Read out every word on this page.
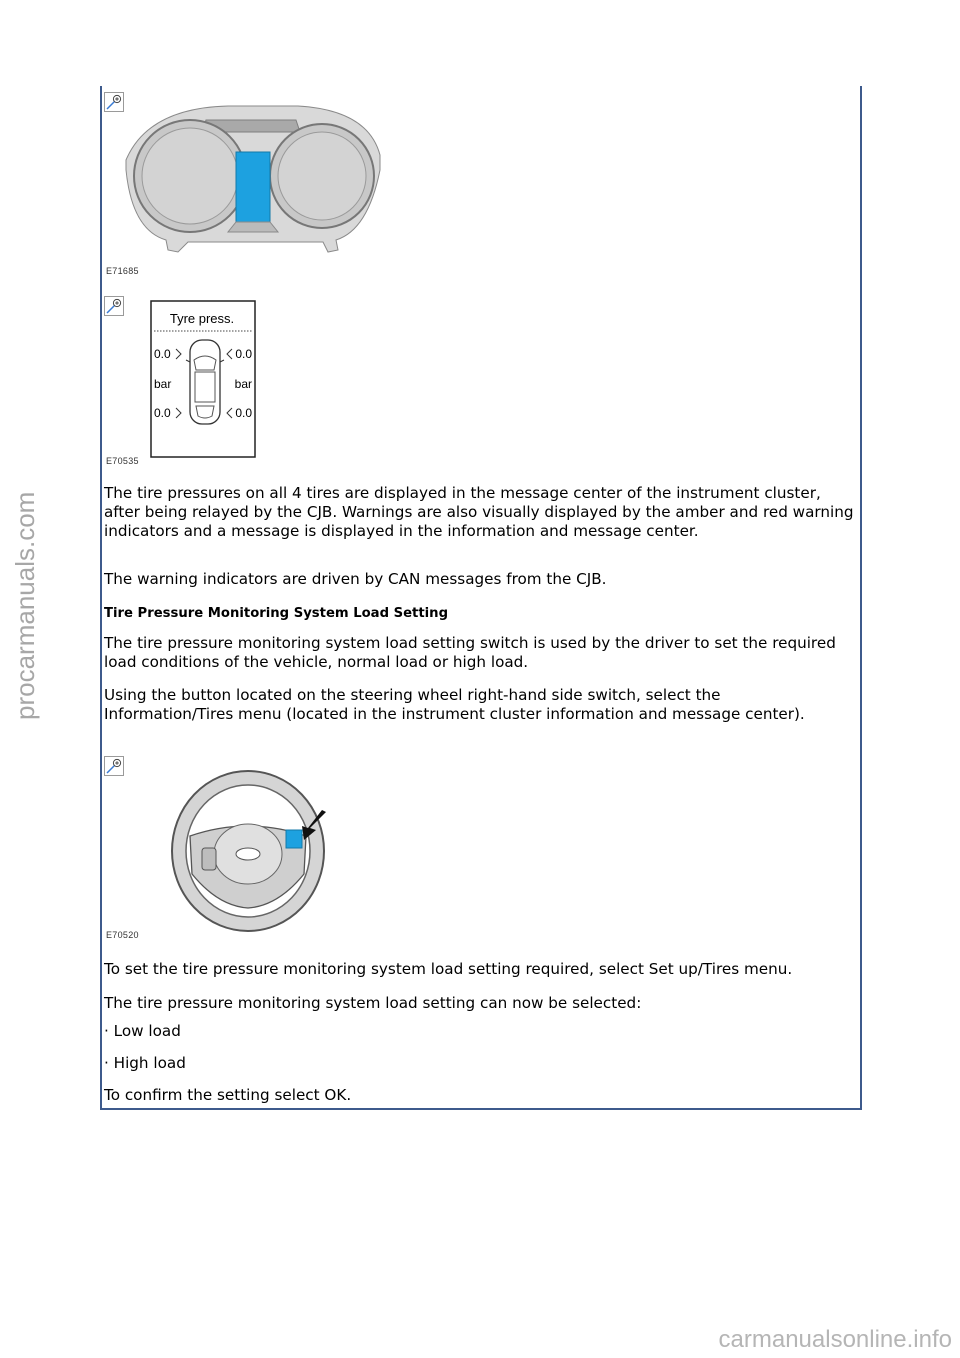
E71685
Tyre press.
0.0	0.0
bar	bar
0.0	0.0
E70535

The tire pressures on all 4 tires are displayed in the message center of the instrument cluster, after being relayed by the CJB. Warnings are also visually displayed by the amber and red warning indicators and a message is displayed in the information and message center.

The warning indicators are driven by CAN messages from the CJB.

Tire Pressure Monitoring System Load Setting

The tire pressure monitoring system load setting switch is used by the driver to set the required load conditions of the vehicle, normal load or high load.

Using the button located on the steering wheel right-hand side switch, select the Information/Tires menu (located in the instrument cluster information and message center).

E70520

To set the tire pressure monitoring system load setting required, select Set up/Tires menu.

The tire pressure monitoring system load setting can now be selected:

· Low load

· High load

To confirm the setting select OK.

procarmanuals.com
carmanualsonline.info
